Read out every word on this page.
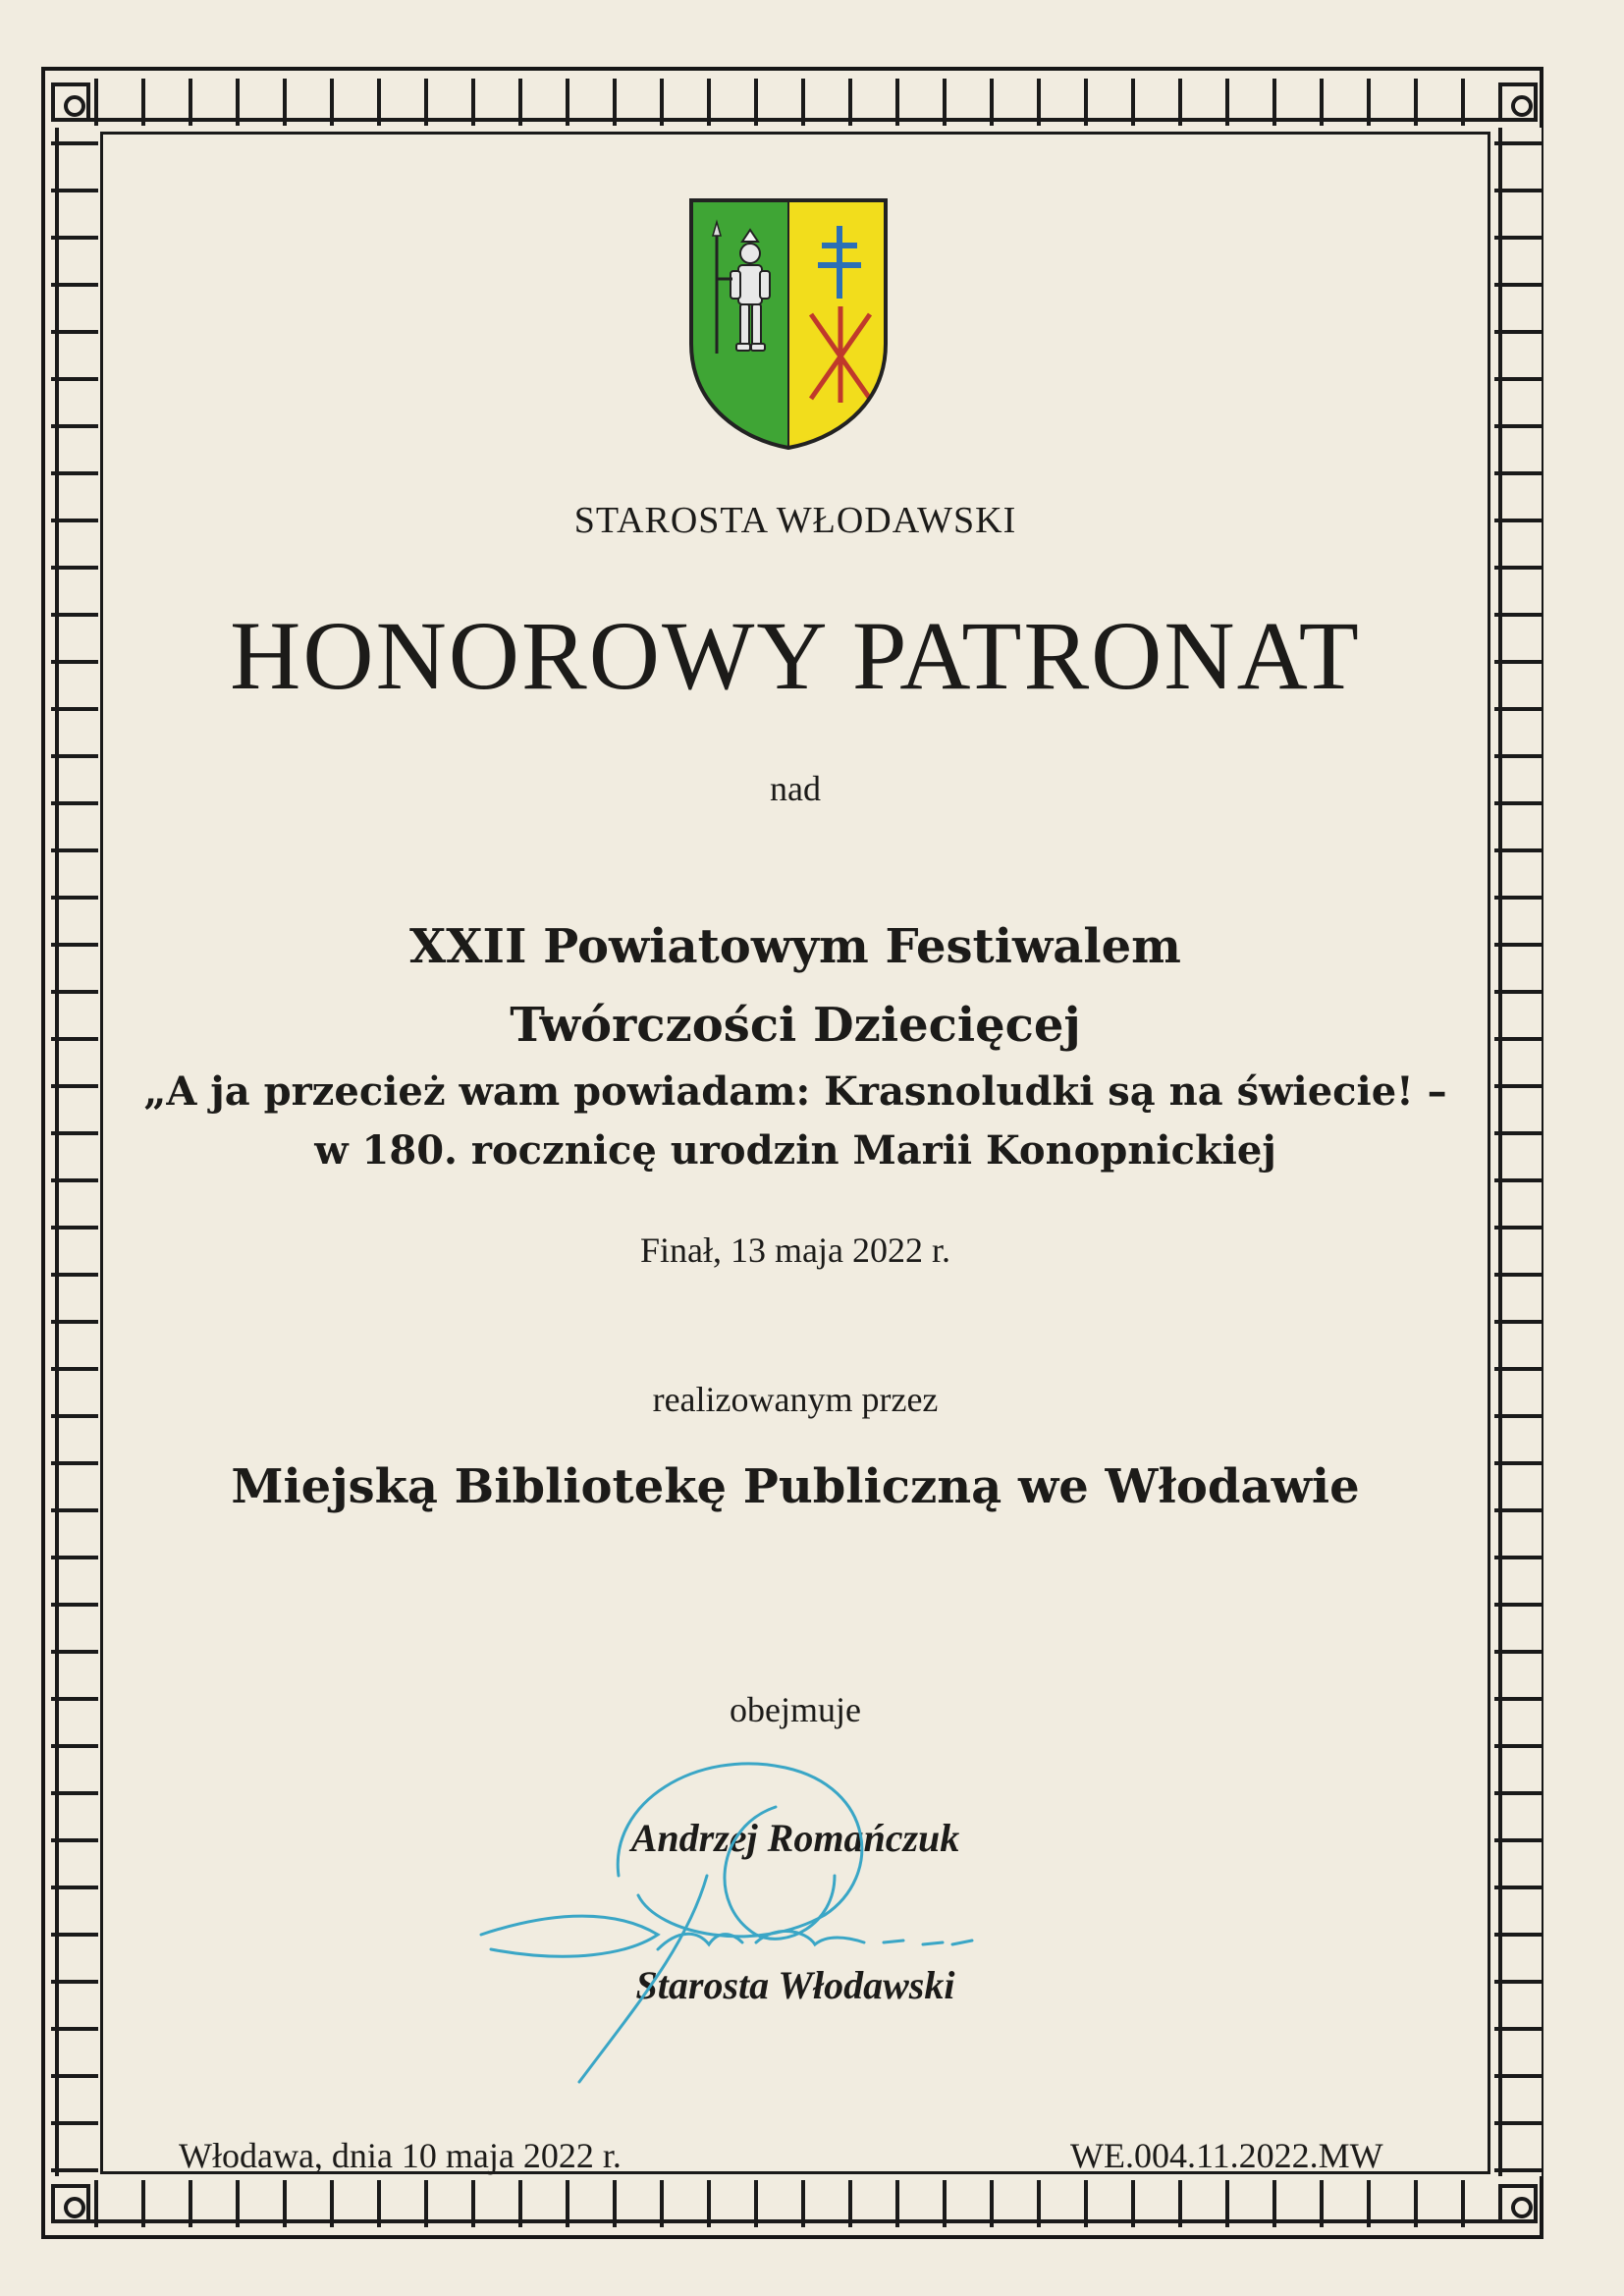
STAROSTA WŁODAWSKI
HONOROWY PATRONAT
nad
XXII Powiatowym Festiwalem
Twórczości Dziecięcej
„A ja przecież wam powiadam: Krasnoludki są na świecie! –
w 180. rocznicę urodzin Marii Konopnickiej
Finał, 13 maja 2022 r.
realizowanym przez
Miejską Bibliotekę Publiczną we Włodawie
obejmuje
Andrzej Romańczuk
Starosta Włodawski
Włodawa, dnia 10 maja 2022 r.	WE.004.11.2022.MW
